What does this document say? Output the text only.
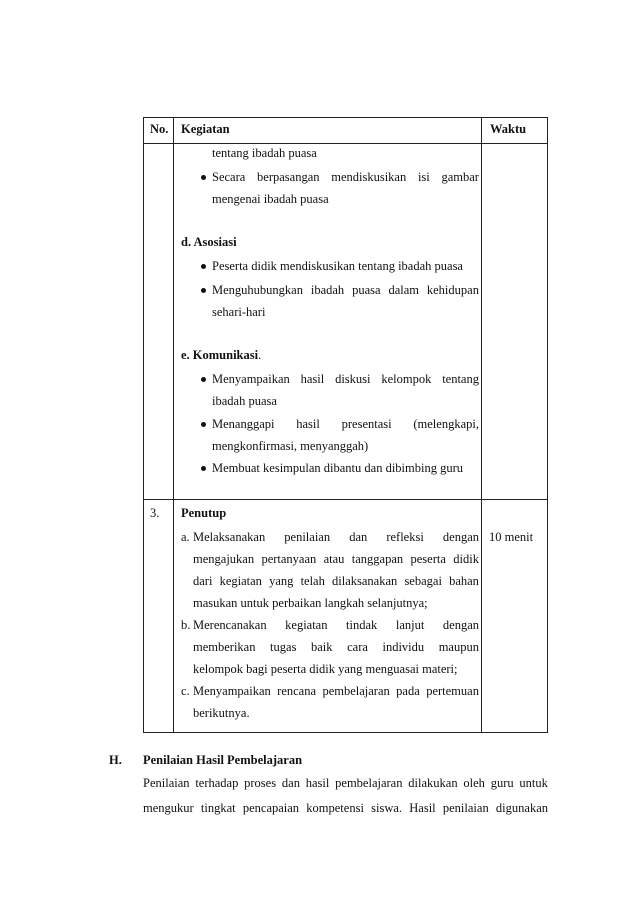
No. Kegiatan	Waktu
tentang ibadah puasa
Secara berpasangan mendiskusikan isi gambar
mengenai ibadah puasa
d. Asosiasi
Peserta didik mendiskusikan tentang ibadah puasa
Menguhubungkan ibadah puasa dalam kehidupan
sehari-hari
e. Komunikasi.
Menyampaikan hasil diskusi kelompok tentang
ibadah puasa
Menanggapi hasil presentasi (melengkapi,
mengkonfirmasi, menyanggah)
Membuat kesimpulan dibantu dan dibimbing guru
3. Penutup
10 menit
a. Melaksanakan penilaian dan refleksi dengan
mengajukan pertanyaan atau tanggapan peserta didik
dari kegiatan yang telah dilaksanakan sebagai bahan
masukan untuk perbaikan langkah selanjutnya;
b. Merencanakan kegiatan tindak lanjut dengan
memberikan tugas baik cara individu maupun
kelompok bagi peserta didik yang menguasai materi;
c. Menyampaikan rencana pembelajaran pada pertemuan
berikutnya.
H. Penilaian Hasil Pembelajaran
Penilaian terhadap proses dan hasil pembelajaran dilakukan oleh guru untuk
mengukur tingkat pencapaian kompetensi siswa. Hasil penilaian digunakan
